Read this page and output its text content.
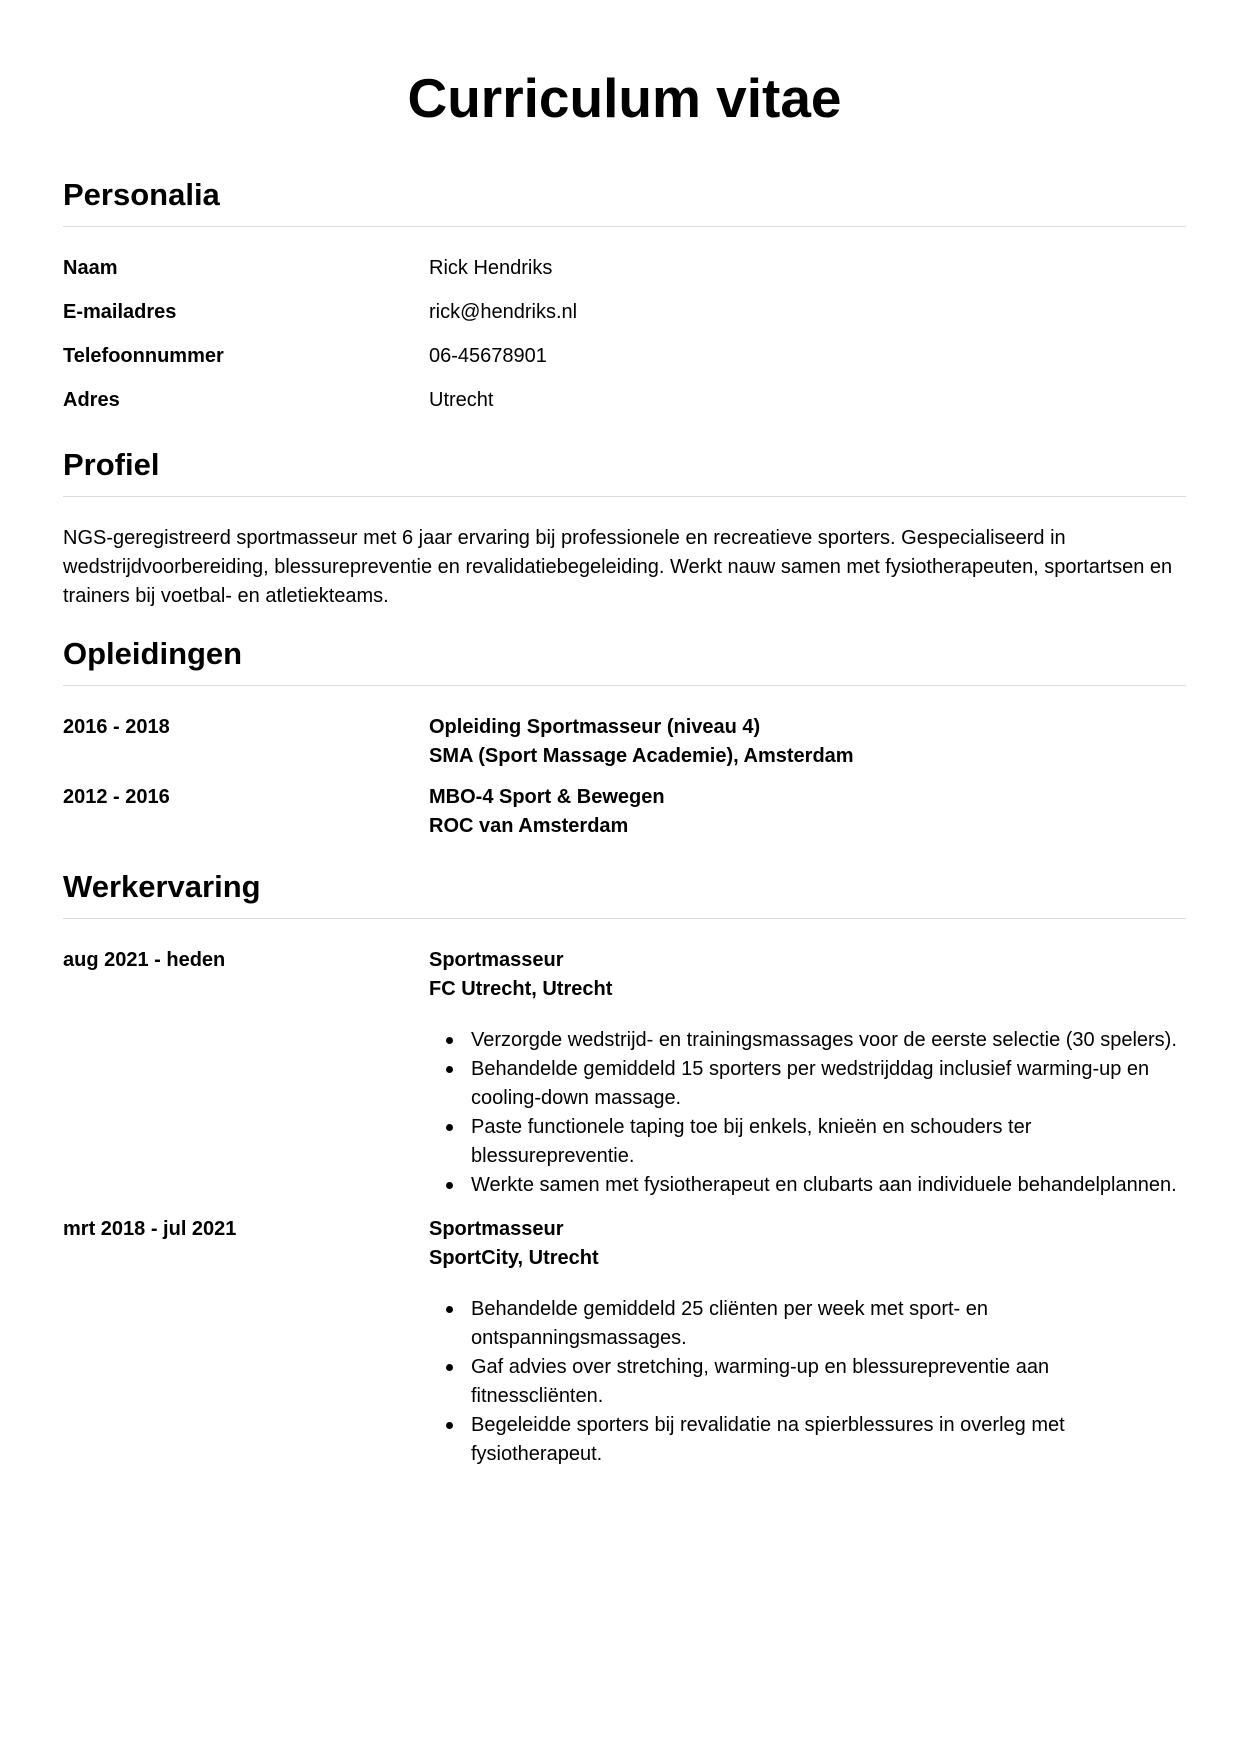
Curriculum vitae
Personalia
Naam	Rick Hendriks
E-mailadres	rick@hendriks.nl
Telefoonnummer	06-45678901
Adres	Utrecht
Profiel

NGS-geregistreerd sportmasseur met 6 jaar ervaring bij professionele en recreatieve sporters. Gespecialiseerd in wedstrijdvoorbereiding, blessurepreventie en revalidatiebegeleiding. Werkt nauw samen met fysiotherapeuten, sportartsen en trainers bij voetbal- en atletiekteams.

Opleidingen
2016 - 2018	Opleiding Sportmasseur (niveau 4)
SMA (Sport Massage Academie), Amsterdam
2012 - 2016	MBO-4 Sport & Bewegen
ROC van Amsterdam
Werkervaring
aug 2021 - heden	Sportmasseur
FC Utrecht, Utrecht
Verzorgde wedstrijd- en trainingsmassages voor de eerste selectie (30 spelers).
Behandelde gemiddeld 15 sporters per wedstrijddag inclusief warming-up en cooling-down massage.
Paste functionele taping toe bij enkels, knieën en schouders ter blessurepreventie.
Werkte samen met fysiotherapeut en clubarts aan individuele behandelplannen.
mrt 2018 - jul 2021	Sportmasseur
SportCity, Utrecht
Behandelde gemiddeld 25 cliënten per week met sport- en ontspanningsmassages.
Gaf advies over stretching, warming-up en blessurepreventie aan fitnesscliënten.
Begeleidde sporters bij revalidatie na spierblessures in overleg met fysiotherapeut.
